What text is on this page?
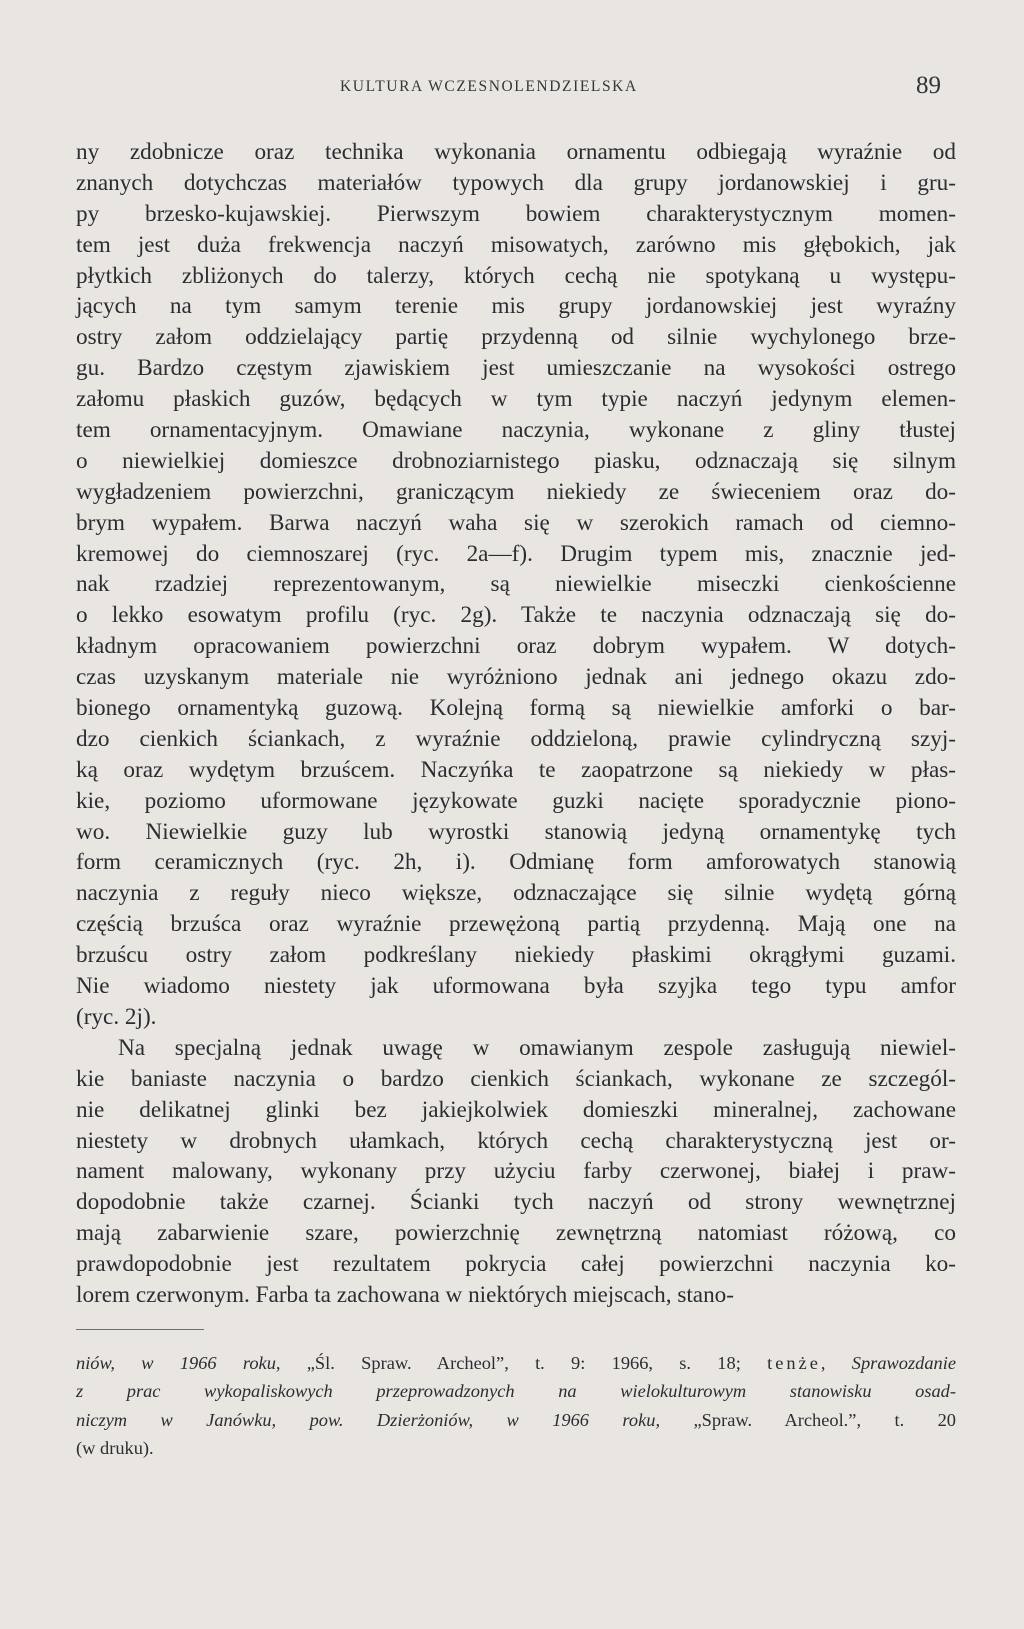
KULTURA WCZESNOLENDZIELSKA	89
ny zdobnicze oraz technika wykonania ornamentu odbiegają wyraźnie od
znanych dotychczas materiałów typowych dla grupy jordanowskiej i gru-
py brzesko-kujawskiej. Pierwszym bowiem charakterystycznym momen-
tem jest duża frekwencja naczyń misowatych, zarówno mis głębokich, jak
płytkich zbliżonych do talerzy, których cechą nie spotykaną u występu-
jących na tym samym terenie mis grupy jordanowskiej jest wyraźny
ostry załom oddzielający partię przydenną od silnie wychylonego brze-
gu. Bardzo częstym zjawiskiem jest umieszczanie na wysokości ostrego
załomu płaskich guzów, będących w tym typie naczyń jedynym elemen-
tem ornamentacyjnym. Omawiane naczynia, wykonane z gliny tłustej
o niewielkiej domieszce drobnoziarnistego piasku, odznaczają się silnym
wygładzeniem powierzchni, graniczącym niekiedy ze świeceniem oraz do-
brym wypałem. Barwa naczyń waha się w szerokich ramach od ciemno-
kremowej do ciemnoszarej (ryc. 2a—f). Drugim typem mis, znacznie jed-
nak rzadziej reprezentowanym, są niewielkie miseczki cienkościenne
o lekko esowatym profilu (ryc. 2g). Także te naczynia odznaczają się do-
kładnym opracowaniem powierzchni oraz dobrym wypałem. W dotych-
czas uzyskanym materiale nie wyróżniono jednak ani jednego okazu zdo-
bionego ornamentyką guzową. Kolejną formą są niewielkie amforki o bar-
dzo cienkich ściankach, z wyraźnie oddzieloną, prawie cylindryczną szyj-
ką oraz wydętym brzuścem. Naczyńka te zaopatrzone są niekiedy w płas-
kie, poziomo uformowane językowate guzki nacięte sporadycznie piono-
wo. Niewielkie guzy lub wyrostki stanowią jedyną ornamentykę tych
form ceramicznych (ryc. 2h, i). Odmianę form amforowatych stanowią
naczynia z reguły nieco większe, odznaczające się silnie wydętą górną
częścią brzuśca oraz wyraźnie przewężoną partią przydenną. Mają one na
brzuścu ostry załom podkreślany niekiedy płaskimi okrągłymi guzami.
Nie wiadomo niestety jak uformowana była szyjka tego typu amfor
(ryc. 2j).
Na specjalną jednak uwagę w omawianym zespole zasługują niewiel-
kie baniaste naczynia o bardzo cienkich ściankach, wykonane ze szczegól-
nie delikatnej glinki bez jakiejkolwiek domieszki mineralnej, zachowane
niestety w drobnych ułamkach, których cechą charakterystyczną jest or-
nament malowany, wykonany przy użyciu farby czerwonej, białej i praw-
dopodobnie także czarnej. Ścianki tych naczyń od strony wewnętrznej
mają zabarwienie szare, powierzchnię zewnętrzną natomiast różową, co
prawdopodobnie jest rezultatem pokrycia całej powierzchni naczynia ko-
lorem czerwonym. Farba ta zachowana w niektórych miejscach, stano-
niów, w 1966 roku, „Śl. Spraw. Archeol”, t. 9: 1966, s. 18; tenże, Sprawozdanie
z prac wykopaliskowych przeprowadzonych na wielokulturowym stanowisku osad-
niczym w Janówku, pow. Dzierżoniów, w 1966 roku, „Spraw. Archeol.”, t. 20
(w druku).
